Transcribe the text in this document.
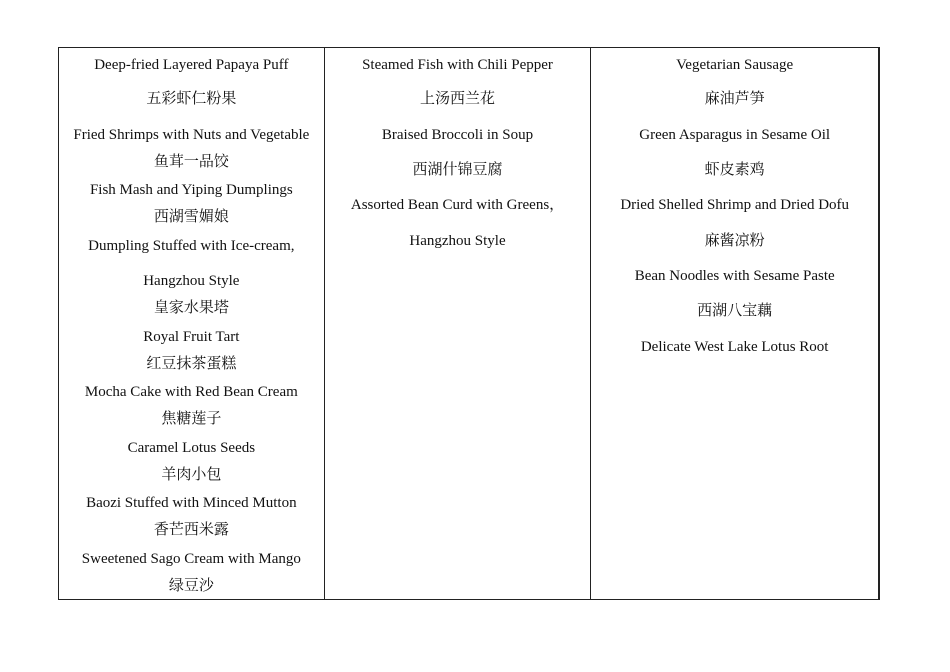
Deep-fried Layered Papaya Puff
五彩虾仁粉果
Fried Shrimps with Nuts and Vegetable
鱼茸一品饺
Fish Mash and Yiping Dumplings
西湖雪媚娘
Dumpling Stuffed with Ice-cream,
Hangzhou Style
皇家水果塔
Royal Fruit Tart
红豆抹茶蛋糕
Mocha Cake with Red Bean Cream
焦糖莲子
Caramel Lotus Seeds
羊肉小包
Baozi Stuffed with Minced Mutton
香芒西米露
Sweetened Sago Cream with Mango
绿豆沙
Steamed Fish with Chili Pepper
上汤西兰花
Braised Broccoli in Soup
西湖什锦豆腐
Assorted Bean Curd with Greens，
Hangzhou Style
Vegetarian Sausage
麻油芦笋
Green Asparagus in Sesame Oil
虾皮素鸡
Dried Shelled Shrimp and Dried Dofu
麻酱凉粉
Bean Noodles with Sesame Paste
西湖八宝藕
Delicate West Lake Lotus Root
